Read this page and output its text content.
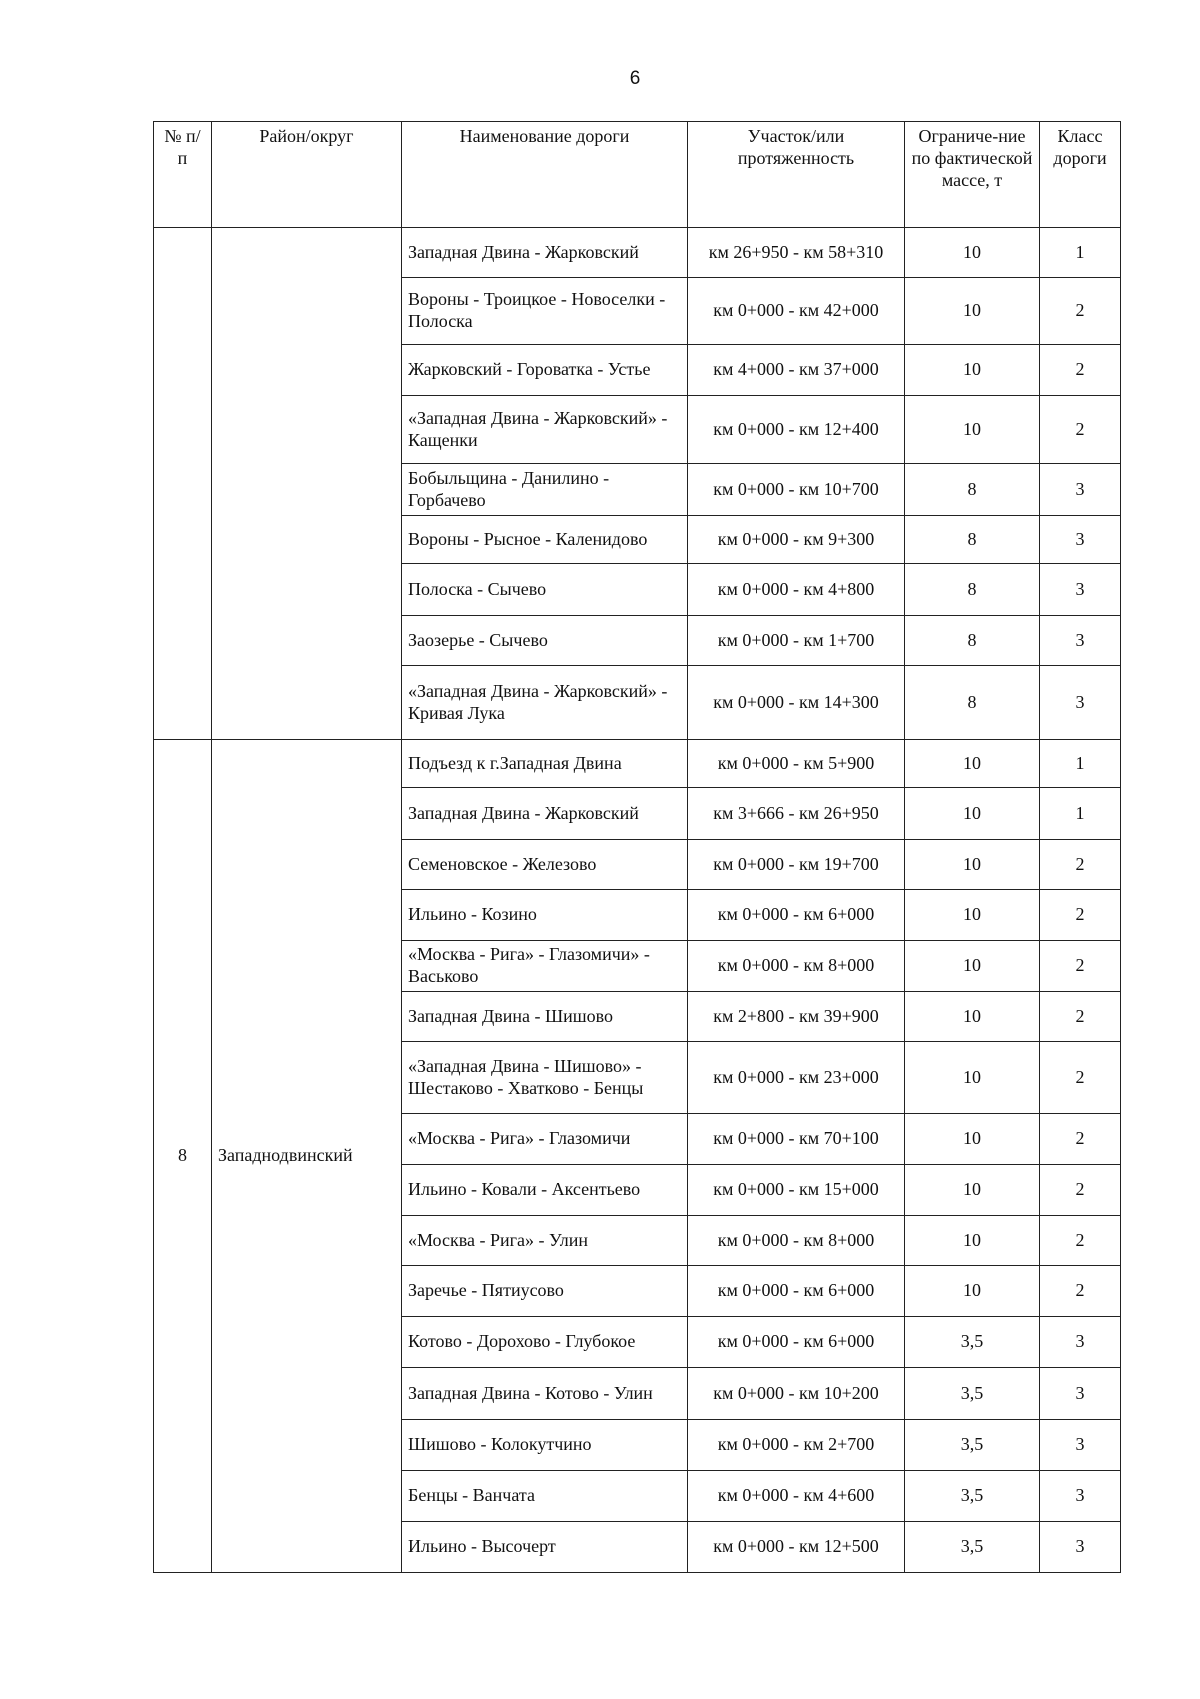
6
№ п/п	Район/округ	Наименование дороги	Участок/или протяженность	Ограниче-ние по фактической массе, т	Класс дороги
		Западная Двина - Жарковский	км 26+950 - км 58+310	10	1
		Вороны - Троицкое - Новоселки - Полоска	км 0+000 - км 42+000	10	2
		Жарковский - Гороватка - Устье	км 4+000 - км 37+000	10	2
		«Западная Двина - Жарковский» - Кащенки	км 0+000 - км 12+400	10	2
		Бобыльщина - Данилино - Горбачево	км 0+000 - км 10+700	8	3
		Вороны - Рысное - Каленидово	км 0+000 - км 9+300	8	3
		Полоска - Сычево	км 0+000 - км 4+800	8	3
		Заозерье - Сычево	км 0+000 - км 1+700	8	3
		«Западная Двина - Жарковский» - Кривая Лука	км 0+000 - км 14+300	8	3
8	Западнодвинский	Подъезд к г.Западная Двина	км 0+000 - км 5+900	10	1
		Западная Двина - Жарковский	км 3+666 - км 26+950	10	1
		Семеновское - Железово	км 0+000 - км 19+700	10	2
		Ильино - Козино	км 0+000 - км 6+000	10	2
		«Москва - Рига» - Глазомичи» - Васьково	км 0+000 - км 8+000	10	2
		Западная Двина - Шишово	км 2+800 - км 39+900	10	2
		«Западная Двина - Шишово» - Шестаково - Хватково - Бенцы	км 0+000 - км 23+000	10	2
		«Москва - Рига» - Глазомичи	км 0+000 - км 70+100	10	2
		Ильино - Ковали - Аксентьево	км 0+000 - км 15+000	10	2
		«Москва - Рига» - Улин	км 0+000 - км 8+000	10	2
		Заречье - Пятиусово	км 0+000 - км 6+000	10	2
		Котово - Дорохово - Глубокое	км 0+000 - км 6+000	3,5	3
		Западная Двина - Котово - Улин	км 0+000 - км 10+200	3,5	3
		Шишово - Колокутчино	км 0+000 - км 2+700	3,5	3
		Бенцы - Ванчата	км 0+000 - км 4+600	3,5	3
		Ильино - Высочерт	км 0+000 - км 12+500	3,5	3
